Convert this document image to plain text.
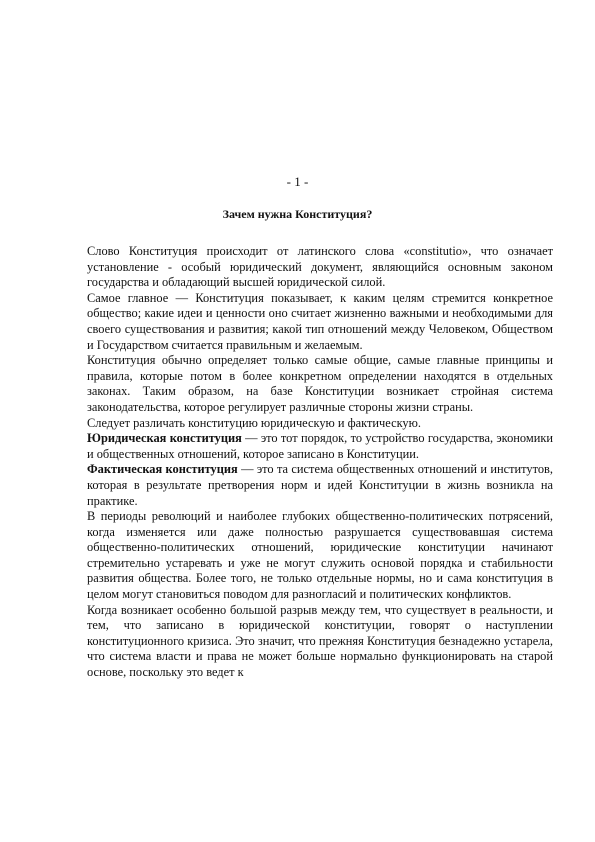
- 1 -
Зачем нужна Конституция?

Слово Конституция происходит от латинского слова «constitutio», что означает установление - особый юридический документ, являющийся основным законом государства и обладающий высшей юридической силой.

Самое главное — Конституция показывает, к каким целям стремится конкретное общество; какие идеи и ценности оно считает жизненно важными и необходимыми для своего существования и развития; какой тип отношений между Человеком, Обществом и Государством считается правильным и желаемым.

Конституция обычно определяет только самые общие, самые главные принципы и правила, которые потом в более конкретном определении находятся в отдельных законах. Таким образом, на базе Конституции возникает стройная система законодательства, которое регулирует различные стороны жизни страны.

Следует различать конституцию юридическую и фактическую.

Юридическая конституция — это тот порядок, то устройство государства, экономики и общественных отношений, которое записано в Конституции.

Фактическая конституция — это та система общественных отношений и институтов, которая в результате претворения норм и идей Конституции в жизнь возникла на практике.

В периоды революций и наиболее глубоких общественно-политических потрясений, когда изменяется или даже полностью разрушается существовавшая система общественно-политических отношений, юридические конституции начинают стремительно устаревать и уже не могут служить основой порядка и стабильности развития общества. Более того, не только отдельные нормы, но и сама конституция в целом могут становиться поводом для разногласий и политических конфликтов.

Когда возникает особенно большой разрыв между тем, что существует в реальности, и тем, что записано в юридической конституции, говорят о наступлении конституционного кризиса. Это значит, что прежняя Конституция безнадежно устарела, что система власти и права не может больше нормально функционировать на старой основе, поскольку это ведет к
